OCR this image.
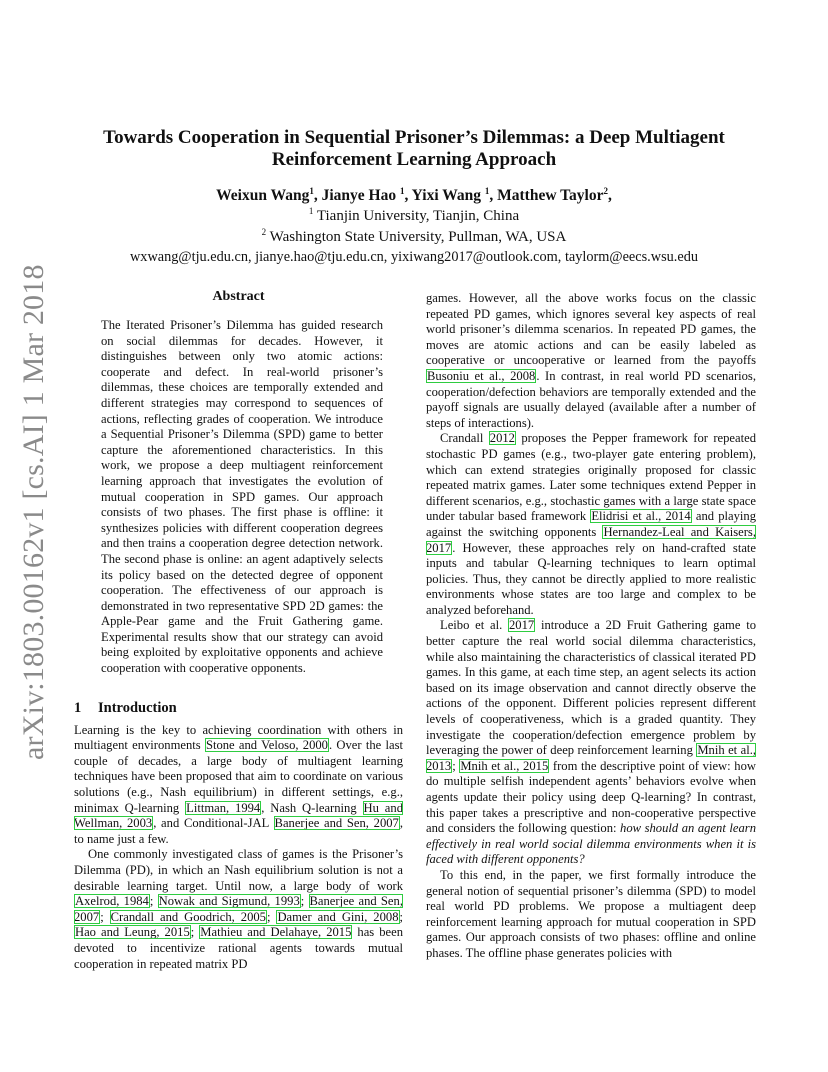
arXiv:1803.00162v1 [cs.AI] 1 Mar 2018
Towards Cooperation in Sequential Prisoner’s Dilemmas: a Deep Multiagent
Reinforcement Learning Approach
Weixun Wang$^1$, Jianye Hao $^1$, Yixi Wang $^1$, Matthew Taylor$^2$,
$^1$ Tianjin University, Tianjin, China
$^2$ Washington State University, Pullman, WA, USA
wxwang@tju.edu.cn, jianye.hao@tju.edu.cn, yixiwang2017@outlook.com, taylorm@eecs.wsu.edu
Abstract

The Iterated Prisoner’s Dilemma has guided research on social dilemmas for decades. However, it distinguishes between only two atomic actions: cooperate and defect. In real-world prisoner’s dilemmas, these choices are temporally extended and different strategies may correspond to sequences of actions, reflecting grades of cooperation. We introduce a Sequential Prisoner’s Dilemma (SPD) game to better capture the aforementioned characteristics. In this work, we propose a deep multiagent reinforcement learning approach that investigates the evolution of mutual cooperation in SPD games. Our approach consists of two phases. The first phase is offline: it synthesizes policies with different cooperation degrees and then trains a cooperation degree detection network. The second phase is online: an agent adaptively selects its policy based on the detected degree of opponent cooperation. The effectiveness of our approach is demonstrated in two representative SPD 2D games: the Apple-Pear game and the Fruit Gathering game. Experimental results show that our strategy can avoid being exploited by exploitative opponents and achieve cooperation with cooperative opponents.

1 Introduction

Learning is the key to achieving coordination with others in multiagent environments Stone and Veloso, 2000. Over the last couple of decades, a large body of multiagent learning techniques have been proposed that aim to coordinate on various solutions (e.g., Nash equilibrium) in different settings, e.g., minimax Q-learning Littman, 1994, Nash Q-learning Hu and Wellman, 2003, and Conditional-JAL Banerjee and Sen, 2007, to name just a few.

One commonly investigated class of games is the Prisoner’s Dilemma (PD), in which an Nash equilibrium solution is not a desirable learning target. Until now, a large body of work Axelrod, 1984; Nowak and Sigmund, 1993; Banerjee and Sen, 2007; Crandall and Goodrich, 2005; Damer and Gini, 2008; Hao and Leung, 2015; Mathieu and Delahaye, 2015 has been devoted to incentivize rational agents towards mutual cooperation in repeated matrix PD

games. However, all the above works focus on the classic repeated PD games, which ignores several key aspects of real world prisoner’s dilemma scenarios. In repeated PD games, the moves are atomic actions and can be easily labeled as cooperative or uncooperative or learned from the payoffs Busoniu et al., 2008. In contrast, in real world PD scenarios, cooperation/defection behaviors are temporally extended and the payoff signals are usually delayed (available after a number of steps of interactions).

Crandall 2012 proposes the Pepper framework for repeated stochastic PD games (e.g., two-player gate entering problem), which can extend strategies originally proposed for classic repeated matrix games. Later some techniques extend Pepper in different scenarios, e.g., stochastic games with a large state space under tabular based framework Elidrisi et al., 2014 and playing against the switching opponents Hernandez-Leal and Kaisers, 2017. However, these approaches rely on hand-crafted state inputs and tabular Q-learning techniques to learn optimal policies. Thus, they cannot be directly applied to more realistic environments whose states are too large and complex to be analyzed beforehand.

Leibo et al. 2017 introduce a 2D Fruit Gathering game to better capture the real world social dilemma characteristics, while also maintaining the characteristics of classical iterated PD games. In this game, at each time step, an agent selects its action based on its image observation and cannot directly observe the actions of the opponent. Different policies represent different levels of cooperativeness, which is a graded quantity. They investigate the cooperation/defection emergence problem by leveraging the power of deep reinforcement learning Mnih et al., 2013; Mnih et al., 2015 from the descriptive point of view: how do multiple selfish independent agents’ behaviors evolve when agents update their policy using deep Q-learning? In contrast, this paper takes a prescriptive and non-cooperative perspective and considers the following question: how should an agent learn effectively in real world social dilemma environments when it is faced with different opponents?

To this end, in the paper, we first formally introduce the general notion of sequential prisoner’s dilemma (SPD) to model real world PD problems. We propose a multiagent deep reinforcement learning approach for mutual cooperation in SPD games. Our approach consists of two phases: offline and online phases. The offline phase generates policies with
